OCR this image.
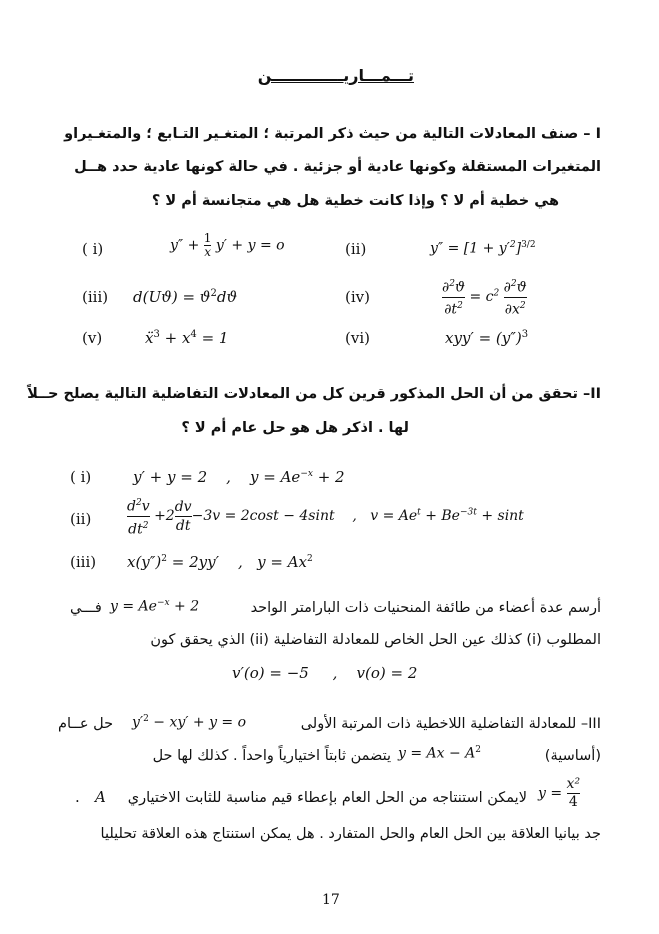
تـــمـــاريـــــــــــــن
I – صنف المعادلات التالية من حيث ذكر المرتبة ؛ المتغـير التـابع ؛ والمتغـيراو
المتغيرات المستقلة وكونها عادية أو جزئية . في حالة كونها عادية حدد هــل
هي خطية أم لا ؟ وإذا كانت خطية هل هي متجانسة أم لا ؟
( i)	$y'' + \frac{1}{x} y' + y = o$	(ii)	$y'' = [1 + y'^2]^{3/2}$
(iii) $d(Uϑ) = ϑ^2dϑ$	(iv)	$\frac{\partial^2ϑ}{\partial t^2} = c^2 \frac{\partial^2ϑ}{\partial x^2}$
(v)	ẍ$^3$ + $x^4 = 1$	(vi)	$xyy' = (y'')^3$
II– تحقق من أن الحل المذكور قرين كل من المعادلات التفاضلية التالية يصلح حــلاً
لها . اذكر هل هو حل عام أم لا ؟
( i)	y′ + y = 2    ,    $y = Ae^{-x} + 2$
(ii)	$\frac{d^2v}{dt^2} +2 \frac{dv}{dt} -3v = 2\cos t - 4\sin t$    ,   $v = Ae^t + Be^{-3t} + \sin t$
(iii) $x(y'')^2 = 2yy'$    ,   $y = Ax^2$
أرسم عدة أعضاء من طائفة المنحنيات ذات البارامتر الواحد
$y = Ae^{-x} + 2$
فـــي
المطلوب (i) كذلك عين الحل الخاص للمعادلة التفاضلية (ii) الذي يحقق كون
v′(o) = −5     ,    v(o) = 2
III– للمعادلة التفاضلية اللاخطية ذات المرتبة الأولى
$y'^2 - xy' + y = o$
حل عــام
(أساسية)
$y = Ax - A^2$
يتضمن ثابتاً اختيارياً واحداً . كذلك لها حل
$y = \frac{\text{x²}}{4}$
لايمكن استنتاجه من الحل العام بإعطاء قيم مناسبة للثابت الاختياري
A
.
جد بيانيا العلاقة بين الحل العام والحل المتفارد . هل يمكن استنتاج هذه العلاقة تحليليا
17
